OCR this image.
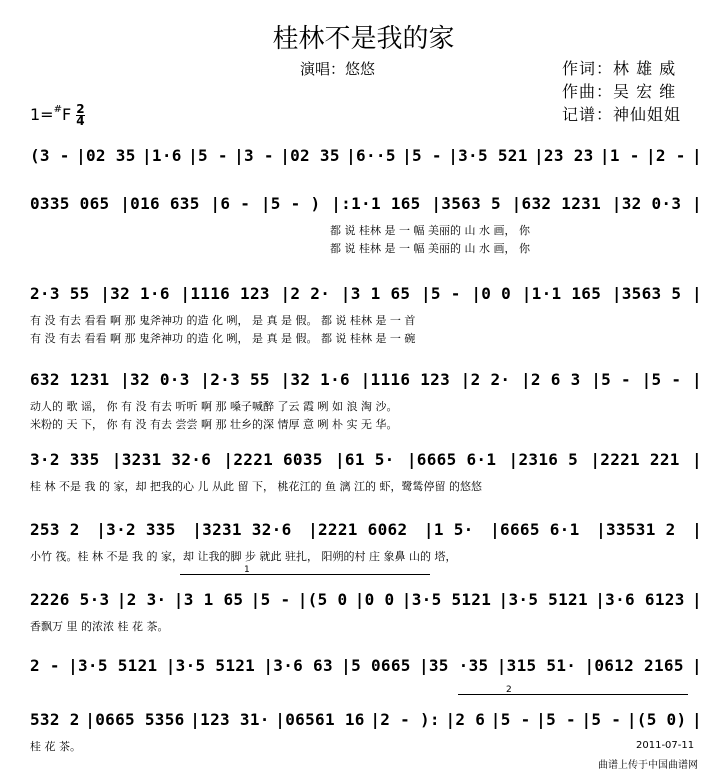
桂林不是我的家
演唱：悠悠	作词：林 雄 威
作曲：吴 宏 维
记谱：神仙姐姐
$1=^{\#}F \frac{2}{4}$
(3 - |02 35 |1·6 |5 - |3 - |02 35 |6··5 |5 - |3·5 521 |23 23 |1 - |2 - |
0335 065 |016 635 |6 - |5 - ) |:1·1 165 |3563 5 |632 1231 |32 0·3 |
都 说 桂林 是 一 幅 美丽的 山 水 画， 你
都 说 桂林 是 一 幅 美丽的 山 水 画， 你
2·3 55 |32 1·6 |1116 123 |2 2· |3 1 65 |5 - |0 0 |1·1 165 |3563 5 |
有 没 有去 看看 啊 那 鬼斧神功 的造 化 咧， 是 真 是 假。 都 说 桂林 是 一 首
有 没 有去 看看 啊 那 鬼斧神功 的造 化 咧， 是 真 是 假。 都 说 桂林 是 一 碗
632 1231 |32 0·3 |2·3 55 |32 1·6 |1116 123 |2 2· |2 6 3 |5 - |5 - |
动人的 歌 谣， 你 有 没 有去 听听 啊 那 嗓子喊醉 了云 霞 咧 如 浪 淘 沙。
米粉的 天 下， 你 有 没 有去 尝尝 啊 那 壮乡的深 情厚 意 咧 朴 实 无 华。
3·2 335 |3231 32·6 |2221 6035 |61 5· |6665 6·1 |2316 5 |2221 221 |
桂 林 不是 我 的 家，却 把我的心 儿 从此 留 下， 桃花江的 鱼 漓 江的 虾，鹭鸶停留 的悠悠
253 2 |3·2 335 |3231 32·6 |2221 6062 |1 5· |6665 6·1 |33531 2 |
小竹 筏。桂 林 不是 我 的 家，却 让我的脚 步 就此 驻扎， 阳朔的村 庄 象鼻 山的 塔，
2226 5·3 |2 3· |3 1 65 |5 - |(5 0 |0 0 |3·5 5121 |3·5 5121 |3·6 6123 |
香飘万 里 的浓浓 桂 花 茶。
2 - |3·5 5121 |3·5 5121 |3·6 63 |5 0665 |35 ·35 |315 51· |0612 2165 |
532 2 |0665 5356 |123 31· |06561 16 |2 - ): |2 6 |5 - |5 - |5 - |(5 0) |
桂 花 茶。
1
2
2011-07-11
曲谱上传于中国曲谱网
